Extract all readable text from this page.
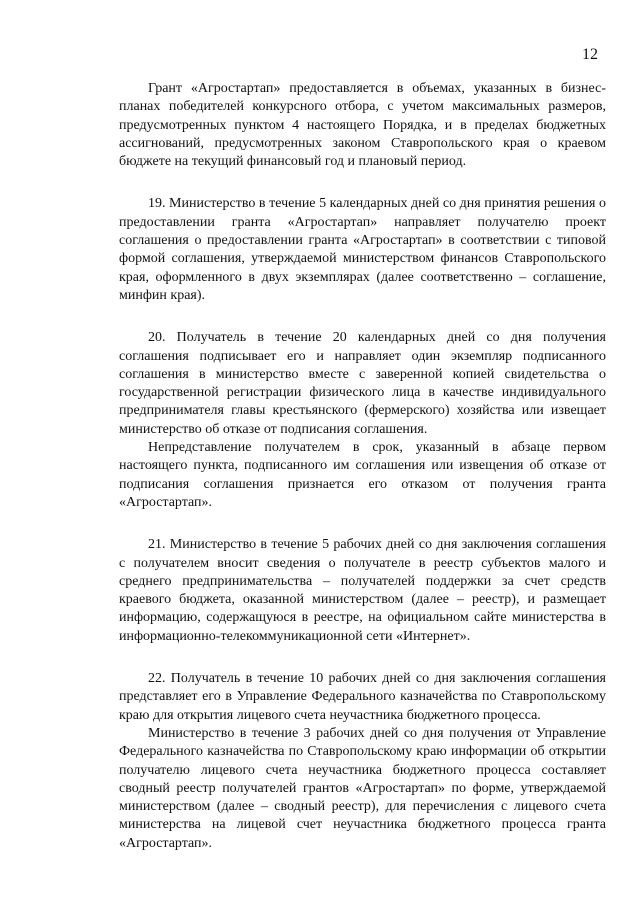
12

Грант «Агростартап» предоставляется в объемах, указанных в бизнес-планах победителей конкурсного отбора, с учетом максимальных размеров, предусмотренных пунктом 4 настоящего Порядка, и в пределах бюджетных ассигнований, предусмотренных законом Ставропольского края о краевом бюджете на текущий финансовый год и плановый период.

19. Министерство в течение 5 календарных дней со дня принятия решения о предоставлении гранта «Агростартап» направляет получателю проект соглашения о предоставлении гранта «Агростартап» в соответствии с типовой формой соглашения, утверждаемой министерством финансов Ставропольского края, оформленного в двух экземплярах (далее соответственно – соглашение, минфин края).

20. Получатель в течение 20 календарных дней со дня получения соглашения подписывает его и направляет один экземпляр подписанного соглашения в министерство вместе с заверенной копией свидетельства о государственной регистрации физического лица в качестве индивидуального предпринимателя главы крестьянского (фермерского) хозяйства или извещает министерство об отказе от подписания соглашения.

Непредставление получателем в срок, указанный в абзаце первом настоящего пункта, подписанного им соглашения или извещения об отказе от подписания соглашения признается его отказом от получения гранта «Агростартап».

21. Министерство в течение 5 рабочих дней со дня заключения соглашения с получателем вносит сведения о получателе в реестр субъектов малого и среднего предпринимательства – получателей поддержки за счет средств краевого бюджета, оказанной министерством (далее – реестр), и размещает информацию, содержащуюся в реестре, на официальном сайте министерства в информационно-телекоммуникационной сети «Интернет».

22. Получатель в течение 10 рабочих дней со дня заключения соглашения представляет его в Управление Федерального казначейства по Ставропольскому краю для открытия лицевого счета неучастника бюджетного процесса.

Министерство в течение 3 рабочих дней со дня получения от Управление Федерального казначейства по Ставропольскому краю информации об открытии получателю лицевого счета неучастника бюджетного процесса составляет сводный реестр получателей грантов «Агростартап» по форме, утверждаемой министерством (далее – сводный реестр), для перечисления с лицевого счета министерства на лицевой счет неучастника бюджетного процесса гранта «Агростартап».
